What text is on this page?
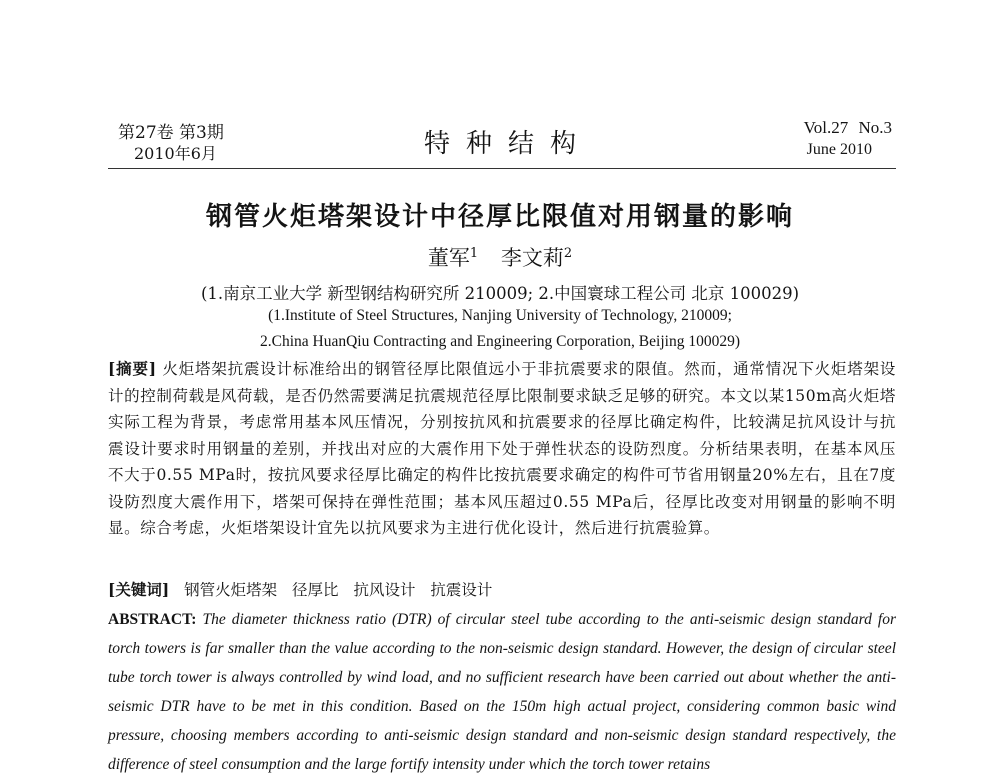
第27卷 第3期
2010年6月	特种结构
Vol.27 No.3
June 2010
钢管火炬塔架设计中径厚比限值对用钢量的影响
董军$^1$ 李文莉$^2$
(1.南京工业大学 新型钢结构研究所 210009; 2.中国寰球工程公司 北京 100029)
(1.Institute of Steel Structures, Nanjing University of Technology, 210009;
2.China HuanQiu Contracting and Engineering Corporation, Beijing 100029)
[摘要] 火炬塔架抗震设计标准给出的钢管径厚比限值远小于非抗震要求的限值。然而，通常情况下火炬塔架设计的控制荷载是风荷载，是否仍然需要满足抗震规范径厚比限制要求缺乏足够的研究。本文以某150m高火炬塔实际工程为背景，考虑常用基本风压情况，分别按抗风和抗震要求的径厚比确定构件，比较满足抗风设计与抗震设计要求时用钢量的差别，并找出对应的大震作用下处于弹性状态的设防烈度。分析结果表明，在基本风压不大于0.55 MPa时，按抗风要求径厚比确定的构件比按抗震要求确定的构件可节省用钢量20%左右，且在7度设防烈度大震作用下，塔架可保持在弹性范围；基本风压超过0.55 MPa后，径厚比改变对用钢量的影响不明显。综合考虑，火炬塔架设计宜先以抗风要求为主进行优化设计，然后进行抗震验算。
[关键词] 钢管火炬塔架 径厚比 抗风设计 抗震设计
ABSTRACT: The diameter thickness ratio (DTR) of circular steel tube according to the anti-seismic design standard for torch towers is far smaller than the value according to the non-seismic design standard. However, the design of circular steel tube torch tower is always controlled by wind load, and no sufficient research have been carried out about whether the anti-seismic DTR have to be met in this condition. Based on the 150m high actual project, considering common basic wind pressure, choosing members according to anti-seismic design standard and non-seismic design standard respectively, the difference of steel consumption and the large fortify intensity under which the torch tower retains
